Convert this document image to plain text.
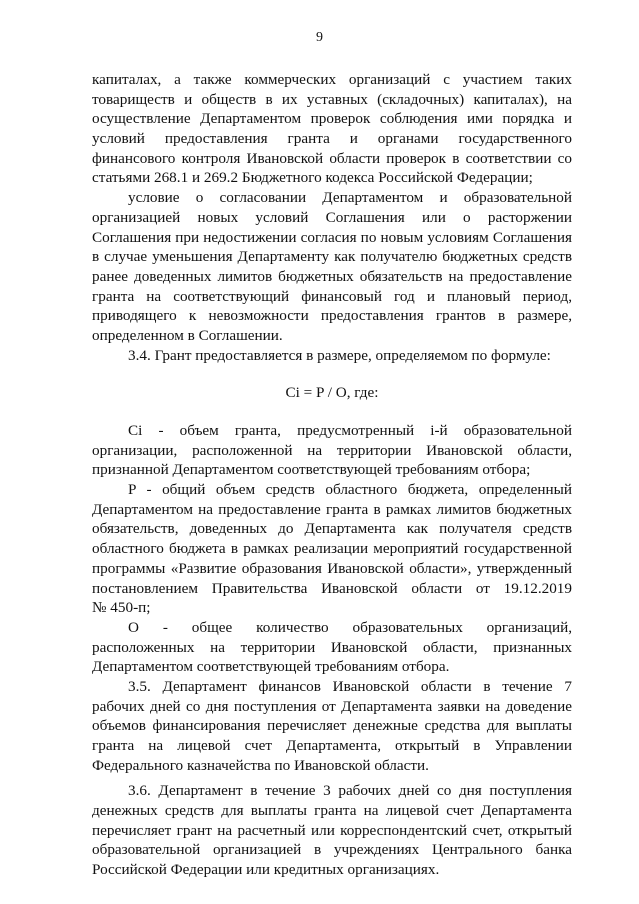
9
капиталах, а также коммерческих организаций с участием таких
товариществ и обществ в их уставных (складочных) капиталах), на
осуществление Департаментом проверок соблюдения ими порядка и
условий предоставления гранта и органами государственного
финансового контроля Ивановской области проверок в соответствии со
статьями 268.1 и 269.2 Бюджетного кодекса Российской Федерации;
условие о согласовании Департаментом и образовательной
организацией новых условий Соглашения или о расторжении
Соглашения при недостижении согласия по новым условиям Соглашения
в случае уменьшения Департаменту как получателю бюджетных средств
ранее доведенных лимитов бюджетных обязательств на предоставление
гранта на соответствующий финансовый год и плановый период,
приводящего к невозможности предоставления грантов в размере,
определенном в Соглашении.
3.4. Грант предоставляется в размере, определяемом по формуле:
Ci = P / O, где:
Ci - объем гранта, предусмотренный i-й образовательной
организации, расположенной на территории Ивановской области,
признанной Департаментом соответствующей требованиям отбора;
P - общий объем средств областного бюджета, определенный
Департаментом на предоставление гранта в рамках лимитов бюджетных
обязательств, доведенных до Департамента как получателя средств
областного бюджета в рамках реализации мероприятий государственной
программы «Развитие образования Ивановской области», утвержденный
постановлением Правительства Ивановской области от 19.12.2019
№ 450-п;
O - общее количество образовательных организаций,
расположенных на территории Ивановской области, признанных
Департаментом соответствующей требованиям отбора.
3.5. Департамент финансов Ивановской области в течение 7
рабочих дней со дня поступления от Департамента заявки на доведение
объемов финансирования перечисляет денежные средства для выплаты
гранта на лицевой счет Департамента, открытый в Управлении
Федерального казначейства по Ивановской области.
3.6. Департамент в течение 3 рабочих дней со дня поступления
денежных средств для выплаты гранта на лицевой счет Департамента
перечисляет грант на расчетный или корреспондентский счет, открытый
образовательной организацией в учреждениях Центрального банка
Российской Федерации или кредитных организациях.
